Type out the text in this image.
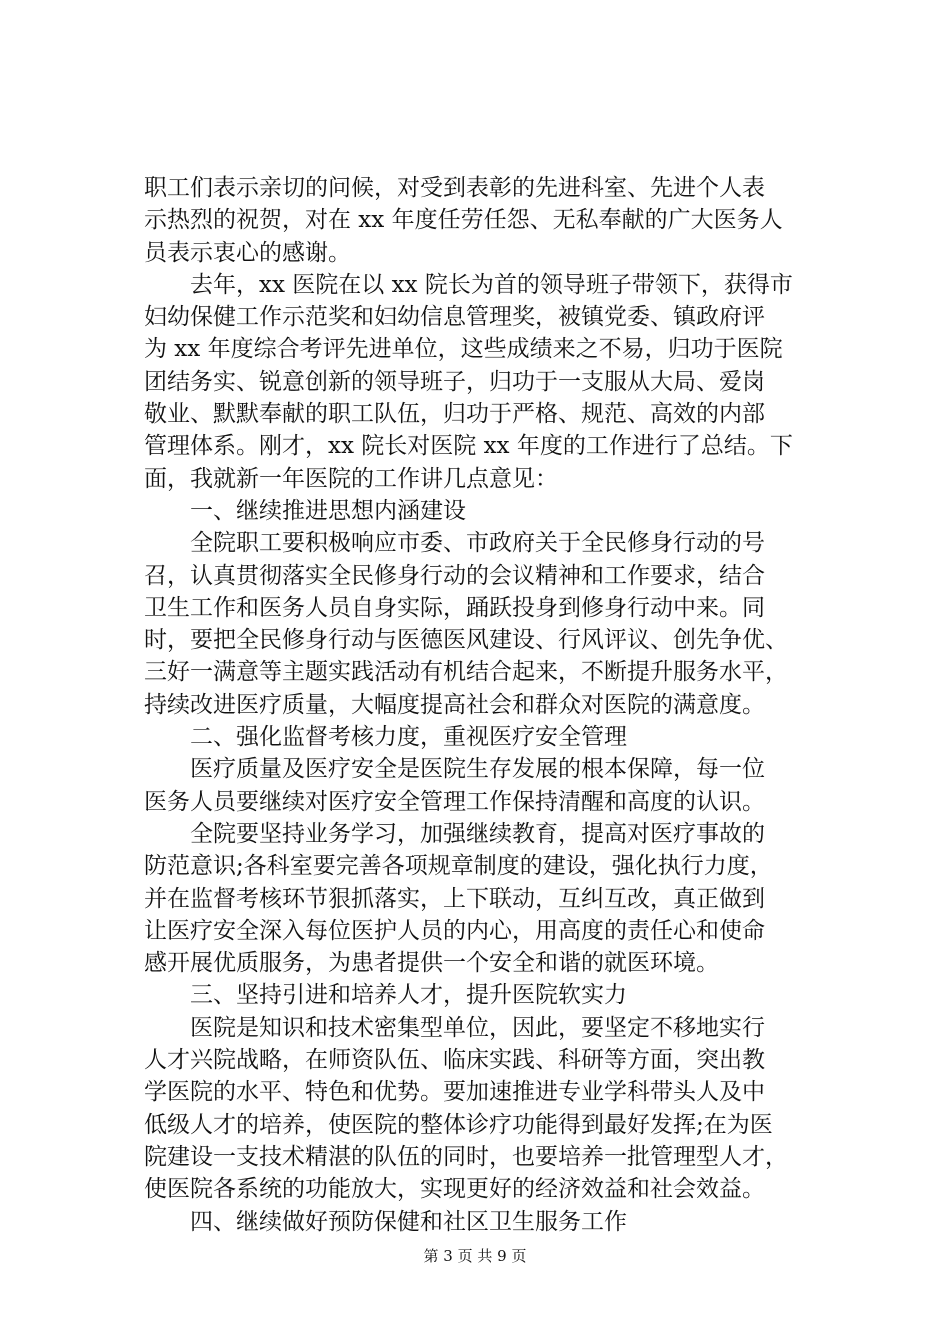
职工们表示亲切的问候，对受到表彰的先进科室、先进个人表
示热烈的祝贺，对在 xx 年度任劳任怨、无私奉献的广大医务人
员表示衷心的感谢。
去年，xx 医院在以 xx 院长为首的领导班子带领下，获得市
妇幼保健工作示范奖和妇幼信息管理奖，被镇党委、镇政府评
为 xx 年度综合考评先进单位，这些成绩来之不易，归功于医院
团结务实、锐意创新的领导班子，归功于一支服从大局、爱岗
敬业、默默奉献的职工队伍，归功于严格、规范、高效的内部
管理体系。刚才，xx 院长对医院 xx 年度的工作进行了总结。下
面，我就新一年医院的工作讲几点意见：
一、继续推进思想内涵建设
全院职工要积极响应市委、市政府关于全民修身行动的号
召，认真贯彻落实全民修身行动的会议精神和工作要求，结合
卫生工作和医务人员自身实际，踊跃投身到修身行动中来。同
时，要把全民修身行动与医德医风建设、行风评议、创先争优、
三好一满意等主题实践活动有机结合起来，不断提升服务水平，
持续改进医疗质量，大幅度提高社会和群众对医院的满意度。
二、强化监督考核力度，重视医疗安全管理
医疗质量及医疗安全是医院生存发展的根本保障，每一位
医务人员要继续对医疗安全管理工作保持清醒和高度的认识。
全院要坚持业务学习，加强继续教育，提高对医疗事故的
防范意识;各科室要完善各项规章制度的建设，强化执行力度，
并在监督考核环节狠抓落实，上下联动，互纠互改，真正做到
让医疗安全深入每位医护人员的内心，用高度的责任心和使命
感开展优质服务，为患者提供一个安全和谐的就医环境。
三、坚持引进和培养人才，提升医院软实力
医院是知识和技术密集型单位，因此，要坚定不移地实行
人才兴院战略，在师资队伍、临床实践、科研等方面，突出教
学医院的水平、特色和优势。要加速推进专业学科带头人及中
低级人才的培养，使医院的整体诊疗功能得到最好发挥;在为医
院建设一支技术精湛的队伍的同时，也要培养一批管理型人才，
使医院各系统的功能放大，实现更好的经济效益和社会效益。
四、继续做好预防保健和社区卫生服务工作
第 3 页 共 9 页
